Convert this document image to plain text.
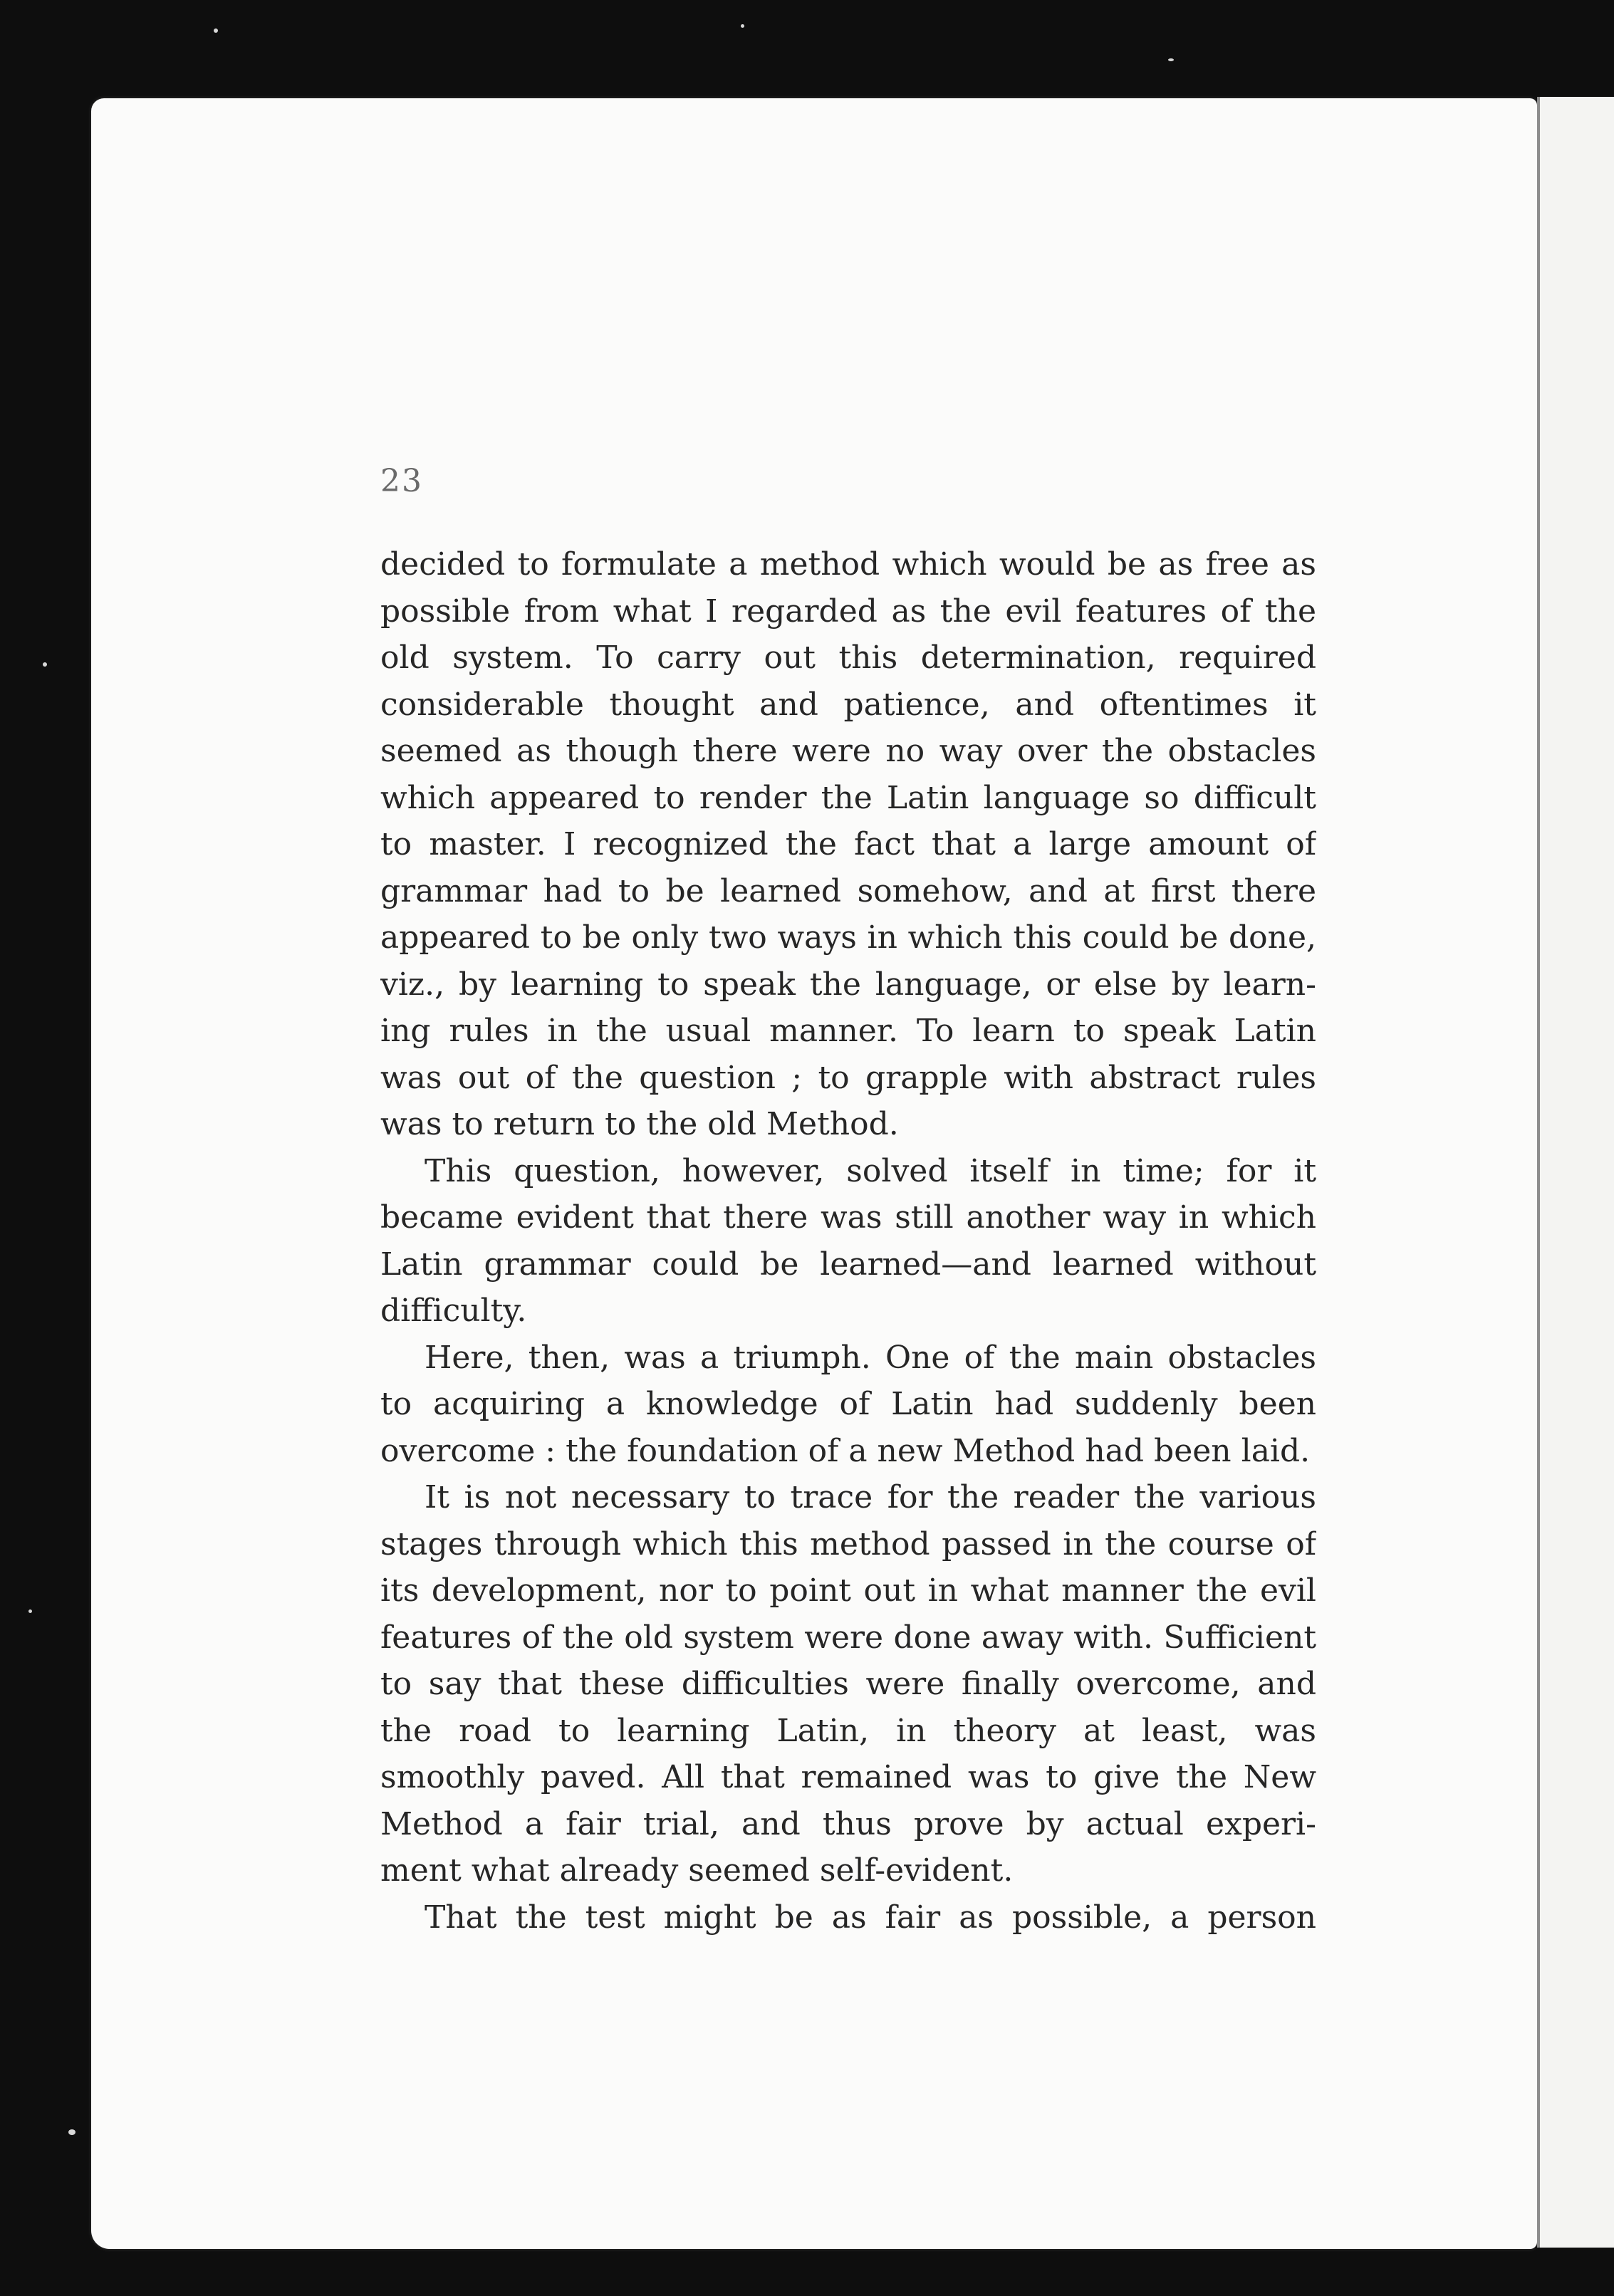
23

decided to formulate a method which would be as free as
possible from what I regarded as the evil features of the
old system. To carry out this determination, required
considerable thought and patience, and oftentimes it
seemed as though there were no way over the obstacles
which appeared to render the Latin language so difficult
to master. I recognized the fact that a large amount of
grammar had to be learned somehow, and at first there
appeared to be only two ways in which this could be done,
viz., by learning to speak the language, or else by learn-
ing rules in the usual manner. To learn to speak Latin
was out of the question ; to grapple with abstract rules
was to return to the old Method.

This question, however, solved itself in time; for it
became evident that there was still another way in which
Latin grammar could be learned—and learned without
difficulty.

Here, then, was a triumph. One of the main obstacles
to acquiring a knowledge of Latin had suddenly been
overcome : the foundation of a new Method had been laid.

It is not necessary to trace for the reader the various
stages through which this method passed in the course of
its development, nor to point out in what manner the evil
features of the old system were done away with. Sufficient
to say that these difficulties were finally overcome, and
the road to learning Latin, in theory at least, was
smoothly paved. All that remained was to give the New
Method a fair trial, and thus prove by actual experi-
ment what already seemed self-evident.

That the test might be as fair as possible, a person
